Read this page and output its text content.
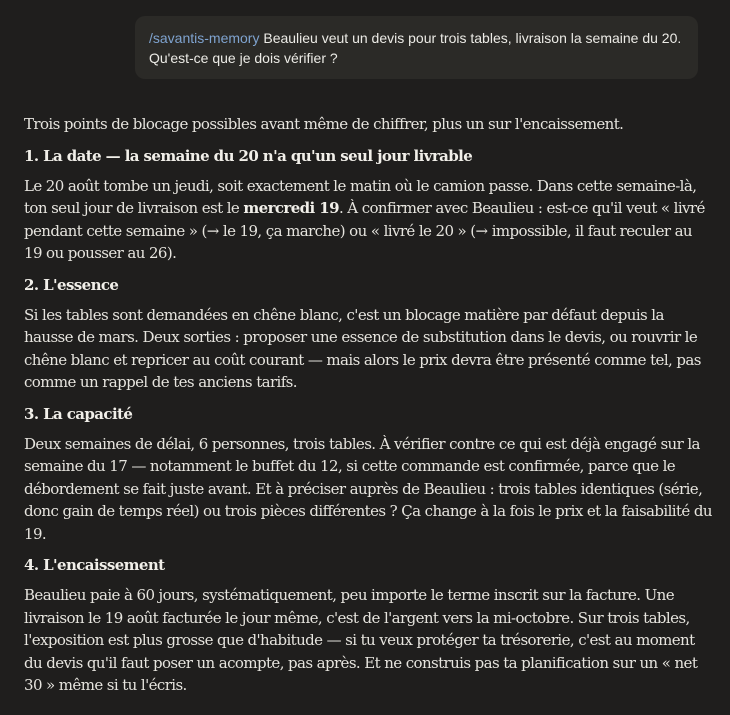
/savantis-memory Beaulieu veut un devis pour trois tables, livraison la semaine du 20. Qu'est-ce que je dois vérifier ?

Trois points de blocage possibles avant même de chiffrer, plus un sur l'encaissement.

1. La date — la semaine du 20 n'a qu'un seul jour livrable

Le 20 août tombe un jeudi, soit exactement le matin où le camion passe. Dans cette semaine-là, ton seul jour de livraison est le mercredi 19. À confirmer avec Beaulieu : est-ce qu'il veut « livré pendant cette semaine » (→ le 19, ça marche) ou « livré le 20 » (→ impossible, il faut reculer au 19 ou pousser au 26).

2. L'essence

Si les tables sont demandées en chêne blanc, c'est un blocage matière par défaut depuis la hausse de mars. Deux sorties : proposer une essence de substitution dans le devis, ou rouvrir le chêne blanc et repricer au coût courant — mais alors le prix devra être présenté comme tel, pas comme un rappel de tes anciens tarifs.

3. La capacité

Deux semaines de délai, 6 personnes, trois tables. À vérifier contre ce qui est déjà engagé sur la semaine du 17 — notamment le buffet du 12, si cette commande est confirmée, parce que le débordement se fait juste avant. Et à préciser auprès de Beaulieu : trois tables identiques (série, donc gain de temps réel) ou trois pièces différentes ? Ça change à la fois le prix et la faisabilité du 19.

4. L'encaissement

Beaulieu paie à 60 jours, systématiquement, peu importe le terme inscrit sur la facture. Une livraison le 19 août facturée le jour même, c'est de l'argent vers la mi-octobre. Sur trois tables, l'exposition est plus grosse que d'habitude — si tu veux protéger ta trésorerie, c'est au moment du devis qu'il faut poser un acompte, pas après. Et ne construis pas ta planification sur un « net 30 » même si tu l'écris.
